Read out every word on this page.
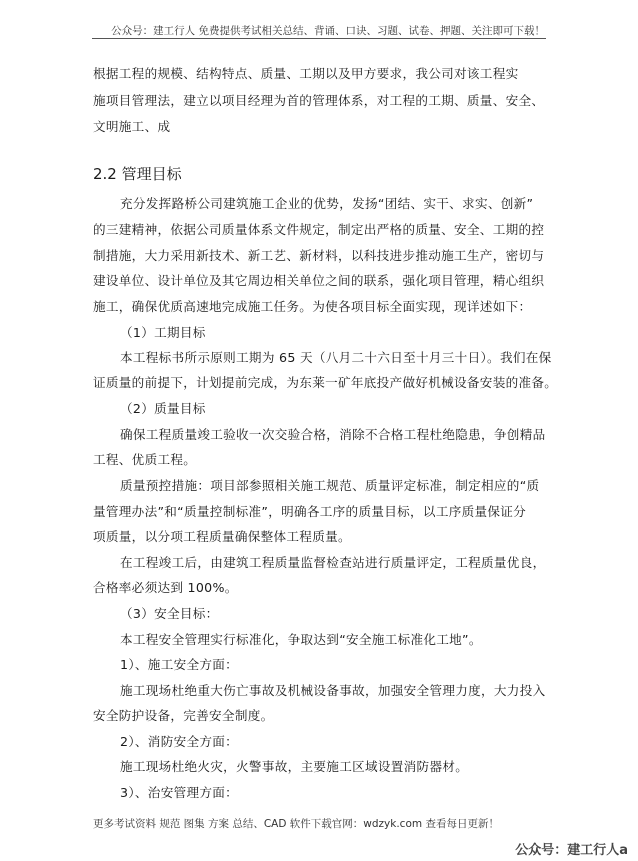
公众号：建工行人 免费提供考试相关总结、背诵、口诀、习题、试卷、押题、关注即可下载！
根据工程的规模、结构特点、质量、工期以及甲方要求，我公司对该工程实
施项目管理法，建立以项目经理为首的管理体系，对工程的工期、质量、安全、
文明施工、成
2.2 管理目标
充分发挥路桥公司建筑施工企业的优势，发扬“团结、实干、求实、创新”
的三建精神，依据公司质量体系文件规定，制定出严格的质量、安全、工期的控
制措施，大力采用新技术、新工艺、新材料，以科技进步推动施工生产，密切与
建设单位、设计单位及其它周边相关单位之间的联系，强化项目管理，精心组织
施工，确保优质高速地完成施工任务。为使各项目标全面实现，现详述如下：
（1）工期目标
本工程标书所示原则工期为 65 天（八月二十六日至十月三十日）。我们在保
证质量的前提下，计划提前完成，为东莱一矿年底投产做好机械设备安装的准备。
（2）质量目标
确保工程质量竣工验收一次交验合格，消除不合格工程杜绝隐患，争创精品
工程、优质工程。
质量预控措施：项目部参照相关施工规范、质量评定标准，制定相应的“质
量管理办法”和“质量控制标准”，明确各工序的质量目标，以工序质量保证分
项质量，以分项工程质量确保整体工程质量。
在工程竣工后，由建筑工程质量监督检查站进行质量评定，工程质量优良，
合格率必须达到 100%。
（3）安全目标：
本工程安全管理实行标准化，争取达到“安全施工标准化工地”。
1）、施工安全方面：
施工现场杜绝重大伤亡事故及机械设备事故，加强安全管理力度，大力投入
安全防护设备，完善安全制度。
2）、消防安全方面：
施工现场杜绝火灾，火警事故，主要施工区域设置消防器材。
3）、治安管理方面：
更多考试资料 规范 图集 方案 总结、CAD 软件下载官网：wdzyk.com 查看每日更新！
公众号：建工行人a
